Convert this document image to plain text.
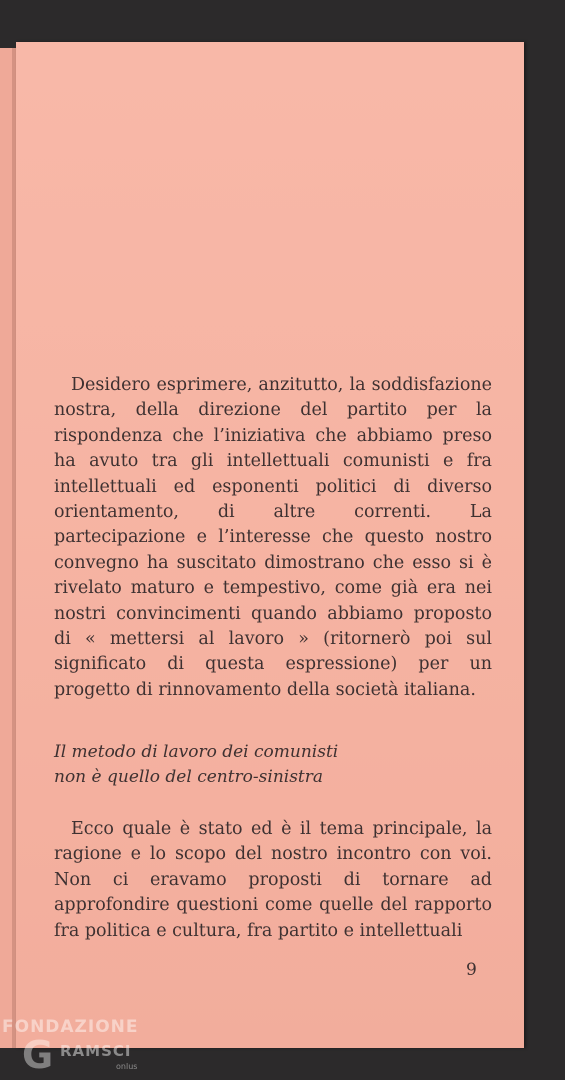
Desidero esprimere, anzitutto, la soddisfazione nostra, della direzione del partito per la rispondenza che l’iniziativa che abbiamo preso ha avuto tra gli intellettuali comunisti e fra intellettuali ed esponenti politici di diverso orientamento, di altre correnti. La partecipazione e l’interesse che questo nostro convegno ha suscitato dimostrano che esso si è rivelato maturo e tempestivo, come già era nei nostri convincimenti quando abbiamo proposto di « mettersi al lavoro » (ritornerò poi sul significato di questa espressione) per un progetto di rinnovamento della società italiana.

Il metodo di lavoro dei comunisti
non è quello del centro-sinistra

Ecco quale è stato ed è il tema principale, la ragione e lo scopo del nostro incontro con voi. Non ci eravamo proposti di tornare ad approfondire questioni come quelle del rapporto fra politica e cultura, fra partito e intellettuali

9
FONDAZIONE
G RAMSCI
onlus
